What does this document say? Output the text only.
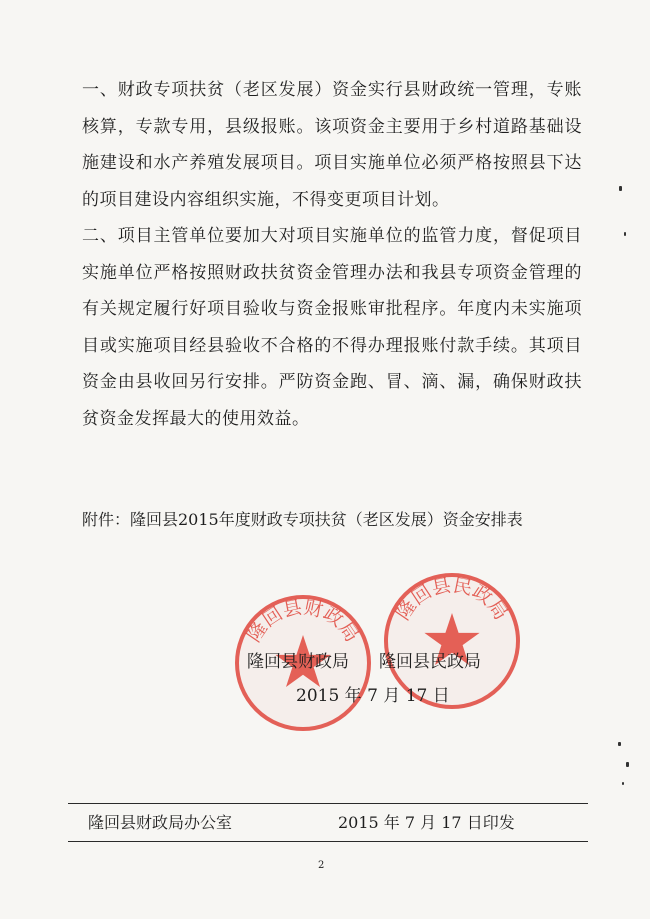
一、财政专项扶贫（老区发展）资金实行县财政统一管理，专账核算，专款专用，县级报账。该项资金主要用于乡村道路基础设施建设和水产养殖发展项目。项目实施单位必须严格按照县下达的项目建设内容组织实施，不得变更项目计划。
二、项目主管单位要加大对项目实施单位的监管力度，督促项目实施单位严格按照财政扶贫资金管理办法和我县专项资金管理的有关规定履行好项目验收与资金报账审批程序。年度内未实施项目或实施项目经县验收不合格的不得办理报账付款手续。其项目资金由县收回另行安排。严防资金跑、冒、滴、漏，确保财政扶贫资金发挥最大的使用效益。
附件：隆回县2015年度财政专项扶贫（老区发展）资金安排表
隆回县财政局
隆回县民政局
隆回县财政局 隆回县民政局
2015 年 7 月 17 日
隆回县财政局办公室	2015 年 7 月 17 日印发
2
